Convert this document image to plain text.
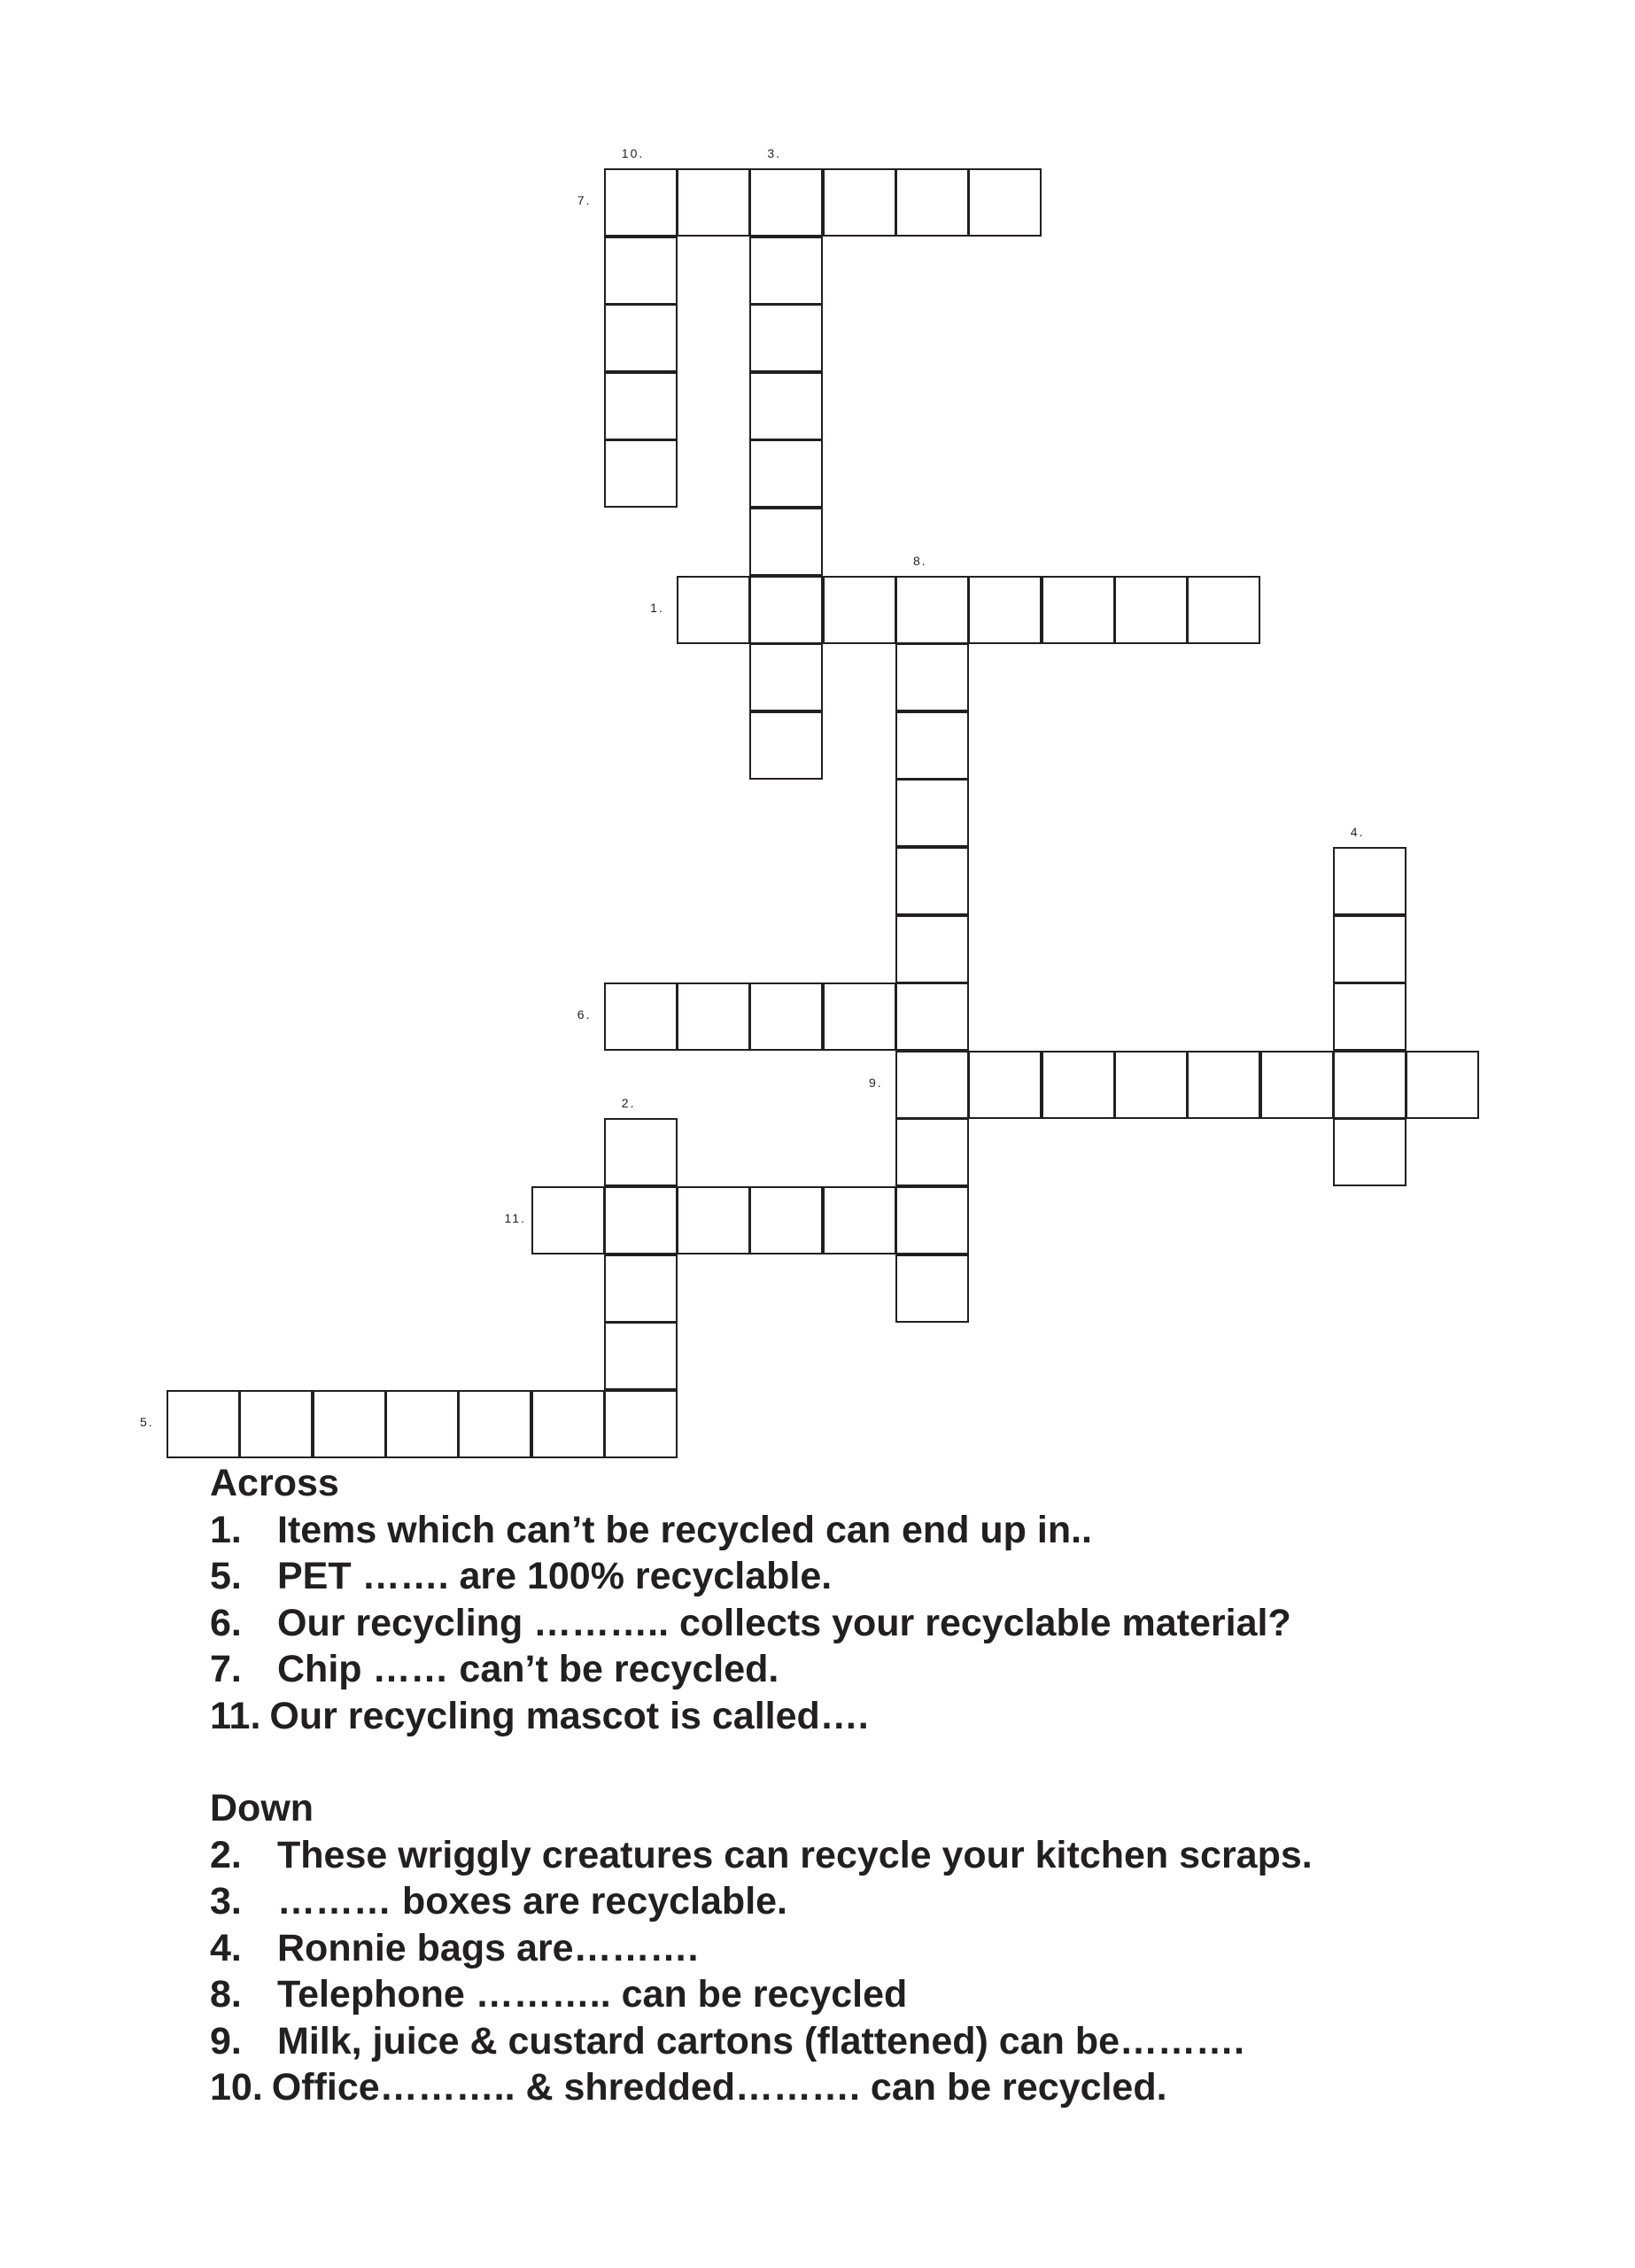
10.	3.
7.
1.
8.
4.
6.
9.
2.
11.
5.
Across
1. Items which can’t be recycled can end up in..
5. PET ……. are 100% recyclable.
6. Our recycling ……….. collects your recyclable material?
7. Chip …… can’t be recycled.
11. Our recycling mascot is called….
Down
2. These wriggly creatures can recycle your kitchen scraps.
3. ……… boxes are recyclable.
4. Ronnie bags are……….
8. Telephone ……….. can be recycled
9. Milk, juice & custard cartons (flattened) can be……….
10. Office……….. & shredded………. can be recycled.
